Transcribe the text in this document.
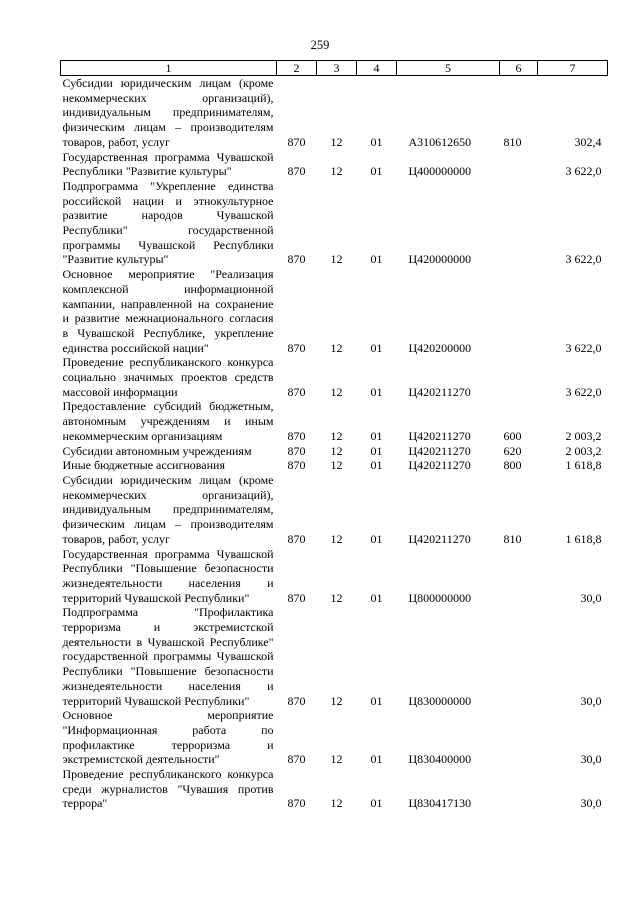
259
1	2	3	4	5	6	7
Субсидии юридическим лицам (кроме некоммерческих организаций), индивидуальным предпринимателям, физическим лицам – производителям товаров, работ, услуг	870	12	01	А310612650	810	302,4
Государственная программа Чувашской Республики "Развитие культуры"	870	12	01	Ц400000000		3 622,0
Подпрограмма "Укрепление единства российской нации и этнокультурное развитие народов Чувашской Республики" государственной программы Чувашской Республики "Развитие культуры"	870	12	01	Ц420000000		3 622,0
Основное мероприятие "Реализация комплексной информационной кампании, направленной на сохранение и развитие межнационального согласия в Чувашской Республике, укрепление единства российской нации"	870	12	01	Ц420200000		3 622,0
Проведение республиканского конкурса социально значимых проектов средств массовой информации	870	12	01	Ц420211270		3 622,0
Предоставление субсидий бюджетным, автономным учреждениям и иным некоммерческим организациям	870	12	01	Ц420211270	600	2 003,2
Субсидии автономным учреждениям	870	12	01	Ц420211270	620	2 003,2
Иные бюджетные ассигнования	870	12	01	Ц420211270	800	1 618,8
Субсидии юридическим лицам (кроме некоммерческих организаций), индивидуальным предпринимателям, физическим лицам – производителям товаров, работ, услуг	870	12	01	Ц420211270	810	1 618,8
Государственная программа Чувашской Республики "Повышение безопасности жизнедеятельности населения и территорий Чувашской Республики"	870	12	01	Ц800000000		30,0
Подпрограмма "Профилактика терроризма и экстремистской деятельности в Чувашской Республике" государственной программы Чувашской Республики "Повышение безопасности жизнедеятельности населения и территорий Чувашской Республики"	870	12	01	Ц830000000		30,0
Основное мероприятие "Информационная работа по профилактике терроризма и экстремистской деятельности"	870	12	01	Ц830400000		30,0
Проведение республиканского конкурса среди журналистов "Чувашия против террора"	870	12	01	Ц830417130		30,0
